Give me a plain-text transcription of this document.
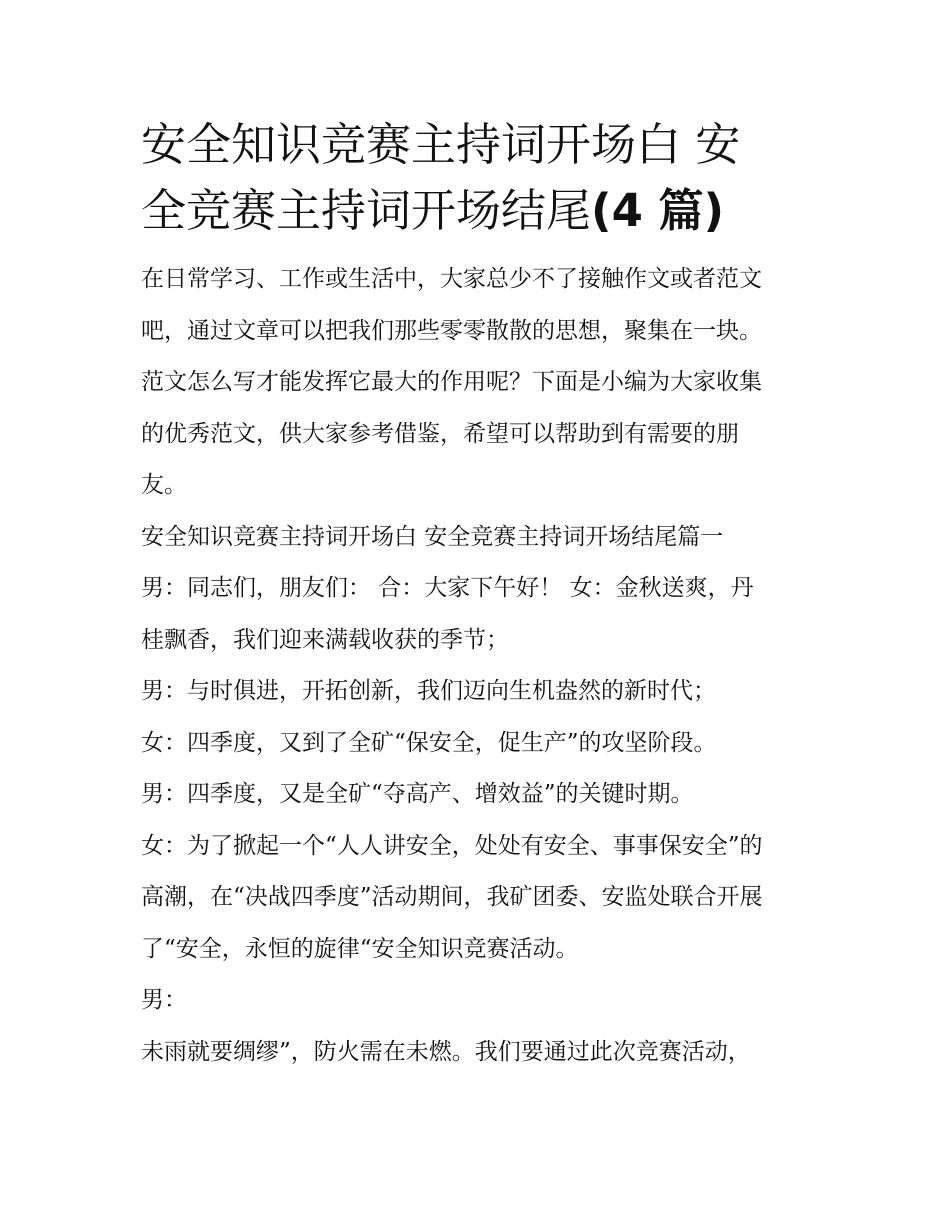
安全知识竞赛主持词开场白 安
全竞赛主持词开场结尾(4 篇)
在日常学习、工作或生活中，大家总少不了接触作文或者范文
吧，通过文章可以把我们那些零零散散的思想，聚集在一块。
范文怎么写才能发挥它最大的作用呢？下面是小编为大家收集
的优秀范文，供大家参考借鉴，希望可以帮助到有需要的朋
友。
安全知识竞赛主持词开场白 安全竞赛主持词开场结尾篇一
男：同志们，朋友们： 合：大家下午好！ 女：金秋送爽，丹
桂飘香，我们迎来满载收获的季节；
男：与时俱进，开拓创新，我们迈向生机盎然的新时代；
女：四季度，又到了全矿“保安全，促生产”的攻坚阶段。
男：四季度，又是全矿“夺高产、增效益”的关键时期。
女：为了掀起一个“人人讲安全，处处有安全、事事保安全”的
高潮，在“决战四季度”活动期间，我矿团委、安监处联合开展
了“安全，永恒的旋律“安全知识竞赛活动。
男：
未雨就要绸缪”，防火需在未燃。我们要通过此次竞赛活动，
